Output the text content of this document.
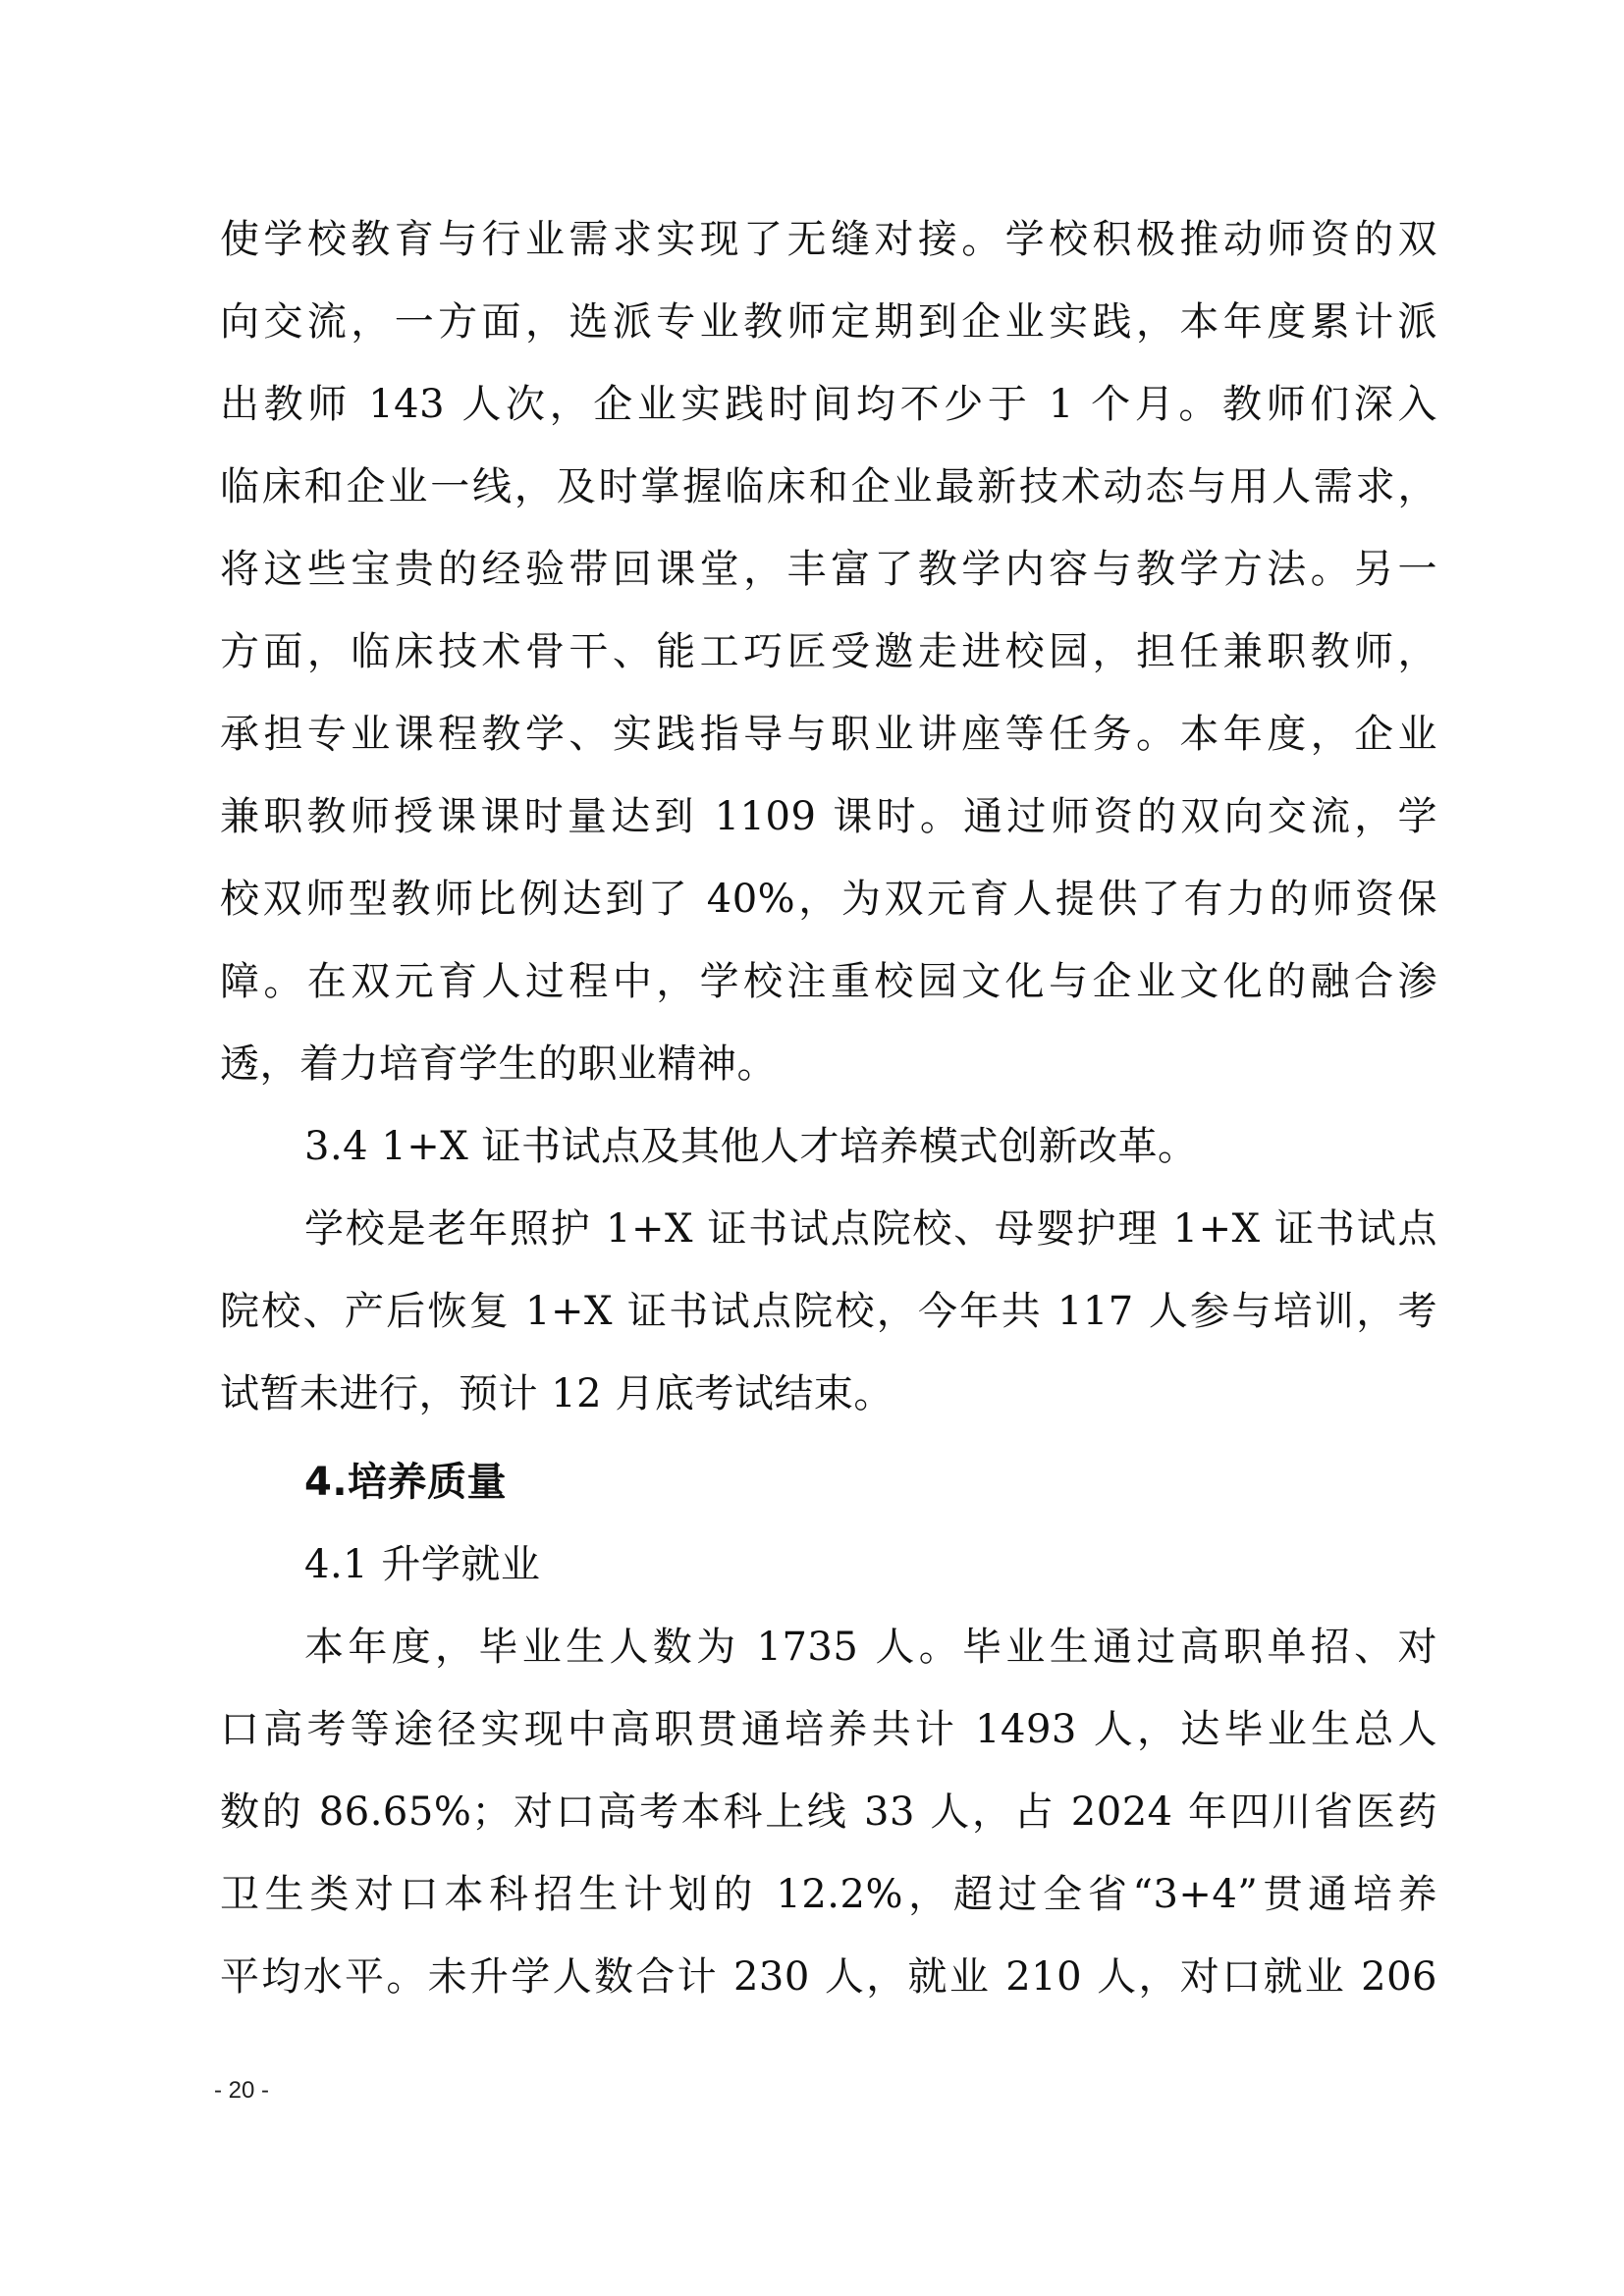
使学校教育与行业需求实现了无缝对接。学校积极推动师资的双
向交流，一方面，选派专业教师定期到企业实践，本年度累计派
出教师 143 人次，企业实践时间均不少于 1 个月。教师们深入
临床和企业一线，及时掌握临床和企业最新技术动态与用人需求，
将这些宝贵的经验带回课堂，丰富了教学内容与教学方法。另一
方面，临床技术骨干、能工巧匠受邀走进校园，担任兼职教师，
承担专业课程教学、实践指导与职业讲座等任务。本年度，企业
兼职教师授课课时量达到 1109 课时。通过师资的双向交流，学
校双师型教师比例达到了 40%，为双元育人提供了有力的师资保
障。在双元育人过程中，学校注重校园文化与企业文化的融合渗
透，着力培育学生的职业精神。
3.4 1+X 证书试点及其他人才培养模式创新改革。
学校是老年照护 1+X 证书试点院校、母婴护理 1+X 证书试点
院校、产后恢复 1+X 证书试点院校，今年共 117 人参与培训，考
试暂未进行，预计 12 月底考试结束。
4.培养质量
4.1 升学就业
本年度，毕业生人数为 1735 人。毕业生通过高职单招、对
口高考等途径实现中高职贯通培养共计 1493 人，达毕业生总人
数的 86.65%；对口高考本科上线 33 人，占 2024 年四川省医药
卫生类对口本科招生计划的 12.2%，超过全省“3+4”贯通培养
平均水平。未升学人数合计 230 人，就业 210 人，对口就业 206
- 20 -
